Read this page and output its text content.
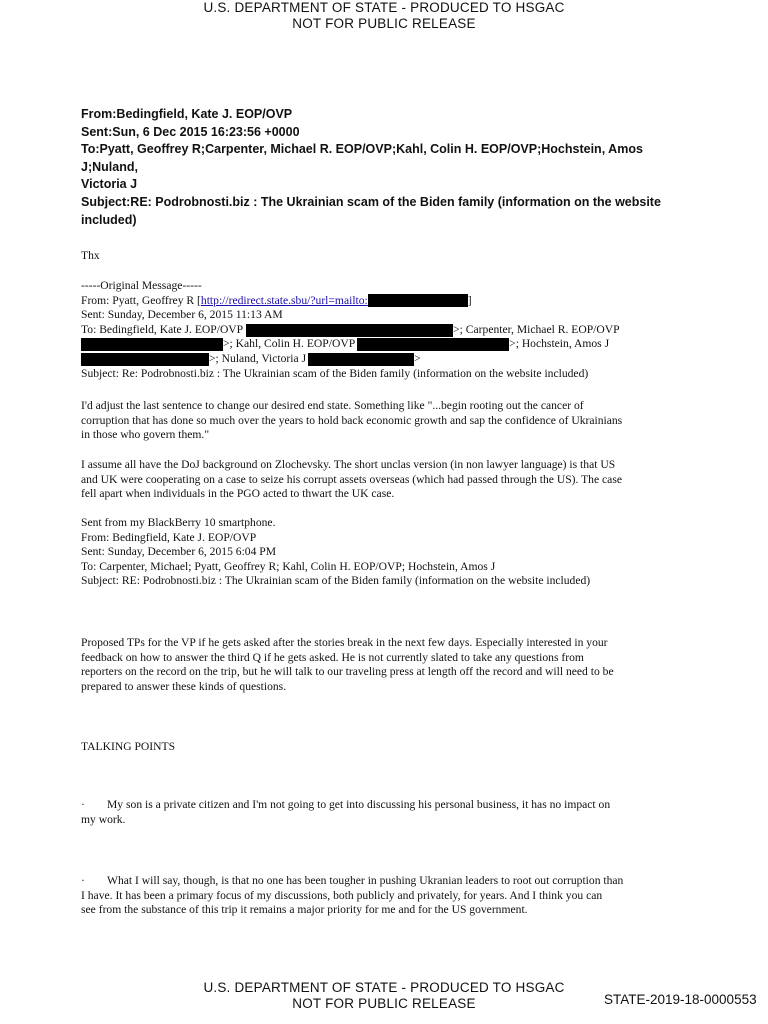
U.S. DEPARTMENT OF STATE - PRODUCED TO HSGAC
NOT FOR PUBLIC RELEASE
From:Bedingfield, Kate J. EOP/OVP
Sent:Sun, 6 Dec 2015 16:23:56 +0000
To:Pyatt, Geoffrey R;Carpenter, Michael R. EOP/OVP;Kahl, Colin H. EOP/OVP;Hochstein, Amos J;Nuland,
Victoria J
Subject:RE: Podrobnosti.biz : The Ukrainian scam of the Biden family (information on the website
included)
Thx
-----Original Message-----
From: Pyatt, Geoffrey R [http://redirect.state.sbu/?url=mailto:	]
Sent: Sunday, December 6, 2015 11:13 AM
To: Bedingfield, Kate J. EOP/OVP	>; Carpenter, Michael R. EOP/OVP
>; Kahl, Colin H. EOP/OVP	>; Hochstein, Amos J
>; Nuland, Victoria J	>
Subject: Re: Podrobnosti.biz : The Ukrainian scam of the Biden family (information on the website included)
I'd adjust the last sentence to change our desired end state. Something like "...begin rooting out the cancer of
corruption that has done so much over the years to hold back economic growth and sap the confidence of Ukrainians
in those who govern them."
I assume all have the DoJ background on Zlochevsky. The short unclas version (in non lawyer language) is that US
and UK were cooperating on a case to seize his corrupt assets overseas (which had passed through the US). The case
fell apart when individuals in the PGO acted to thwart the UK case.
Sent from my BlackBerry 10 smartphone.
From: Bedingfield, Kate J. EOP/OVP
Sent: Sunday, December 6, 2015 6:04 PM
To: Carpenter, Michael; Pyatt, Geoffrey R; Kahl, Colin H. EOP/OVP; Hochstein, Amos J
Subject: RE: Podrobnosti.biz : The Ukrainian scam of the Biden family (information on the website included)
Proposed TPs for the VP if he gets asked after the stories break in the next few days. Especially interested in your
feedback on how to answer the third Q if he gets asked. He is not currently slated to take any questions from
reporters on the record on the trip, but he will talk to our traveling press at length off the record and will need to be
prepared to answer these kinds of questions.
TALKING POINTS
· My son is a private citizen and I'm not going to get into discussing his personal business, it has no impact on
my work.
· What I will say, though, is that no one has been tougher in pushing Ukranian leaders to root out corruption than
I have. It has been a primary focus of my discussions, both publicly and privately, for years. And I think you can
see from the substance of this trip it remains a major priority for me and for the US government.
U.S. DEPARTMENT OF STATE - PRODUCED TO HSGAC
NOT FOR PUBLIC RELEASE	STATE-2019-18-0000553
